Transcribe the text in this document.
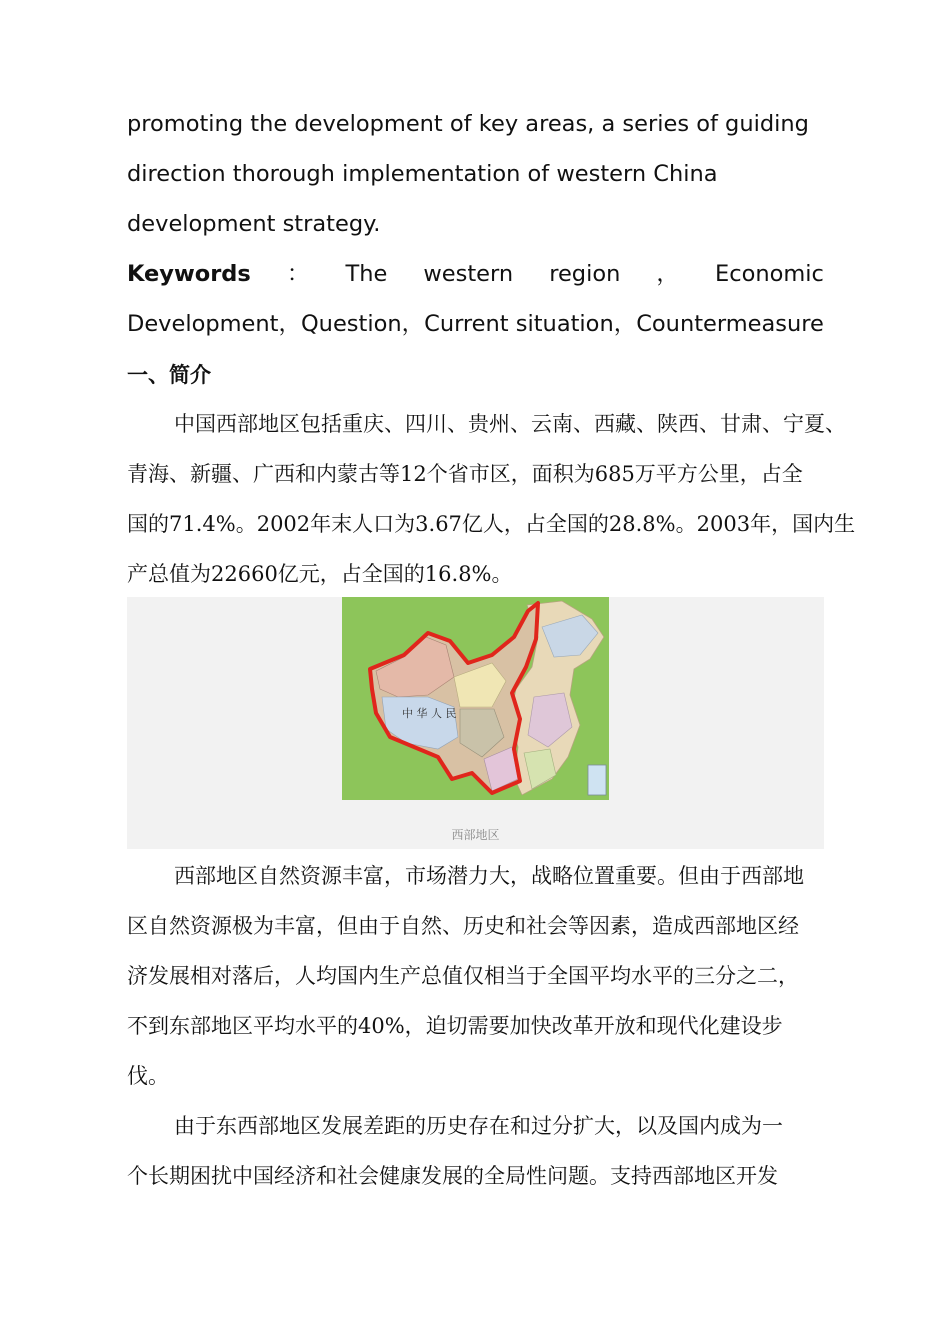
promoting the development of key areas, a series of guiding
direction thorough implementation of western China
development strategy.
Keywords ： The western region ， Economic
Development，Question，Current situation，Countermeasure
一、简介
中国西部地区包括重庆、四川、贵州、云南、西藏、陕西、甘肃、宁夏、
青海、新疆、广西和内蒙古等12个省市区，面积为685万平方公里，占全
国的71.4%。2002年末人口为3.67亿人，占全国的28.8%。2003年，国内生
产总值为22660亿元，占全国的16.8%。
中 华 人 民
西部地区
西部地区自然资源丰富，市场潜力大，战略位置重要。但由于西部地
区自然资源极为丰富，但由于自然、历史和社会等因素，造成西部地区经
济发展相对落后，人均国内生产总值仅相当于全国平均水平的三分之二，
不到东部地区平均水平的40%，迫切需要加快改革开放和现代化建设步
伐。
由于东西部地区发展差距的历史存在和过分扩大，以及国内成为一
个长期困扰中国经济和社会健康发展的全局性问题。支持西部地区开发
